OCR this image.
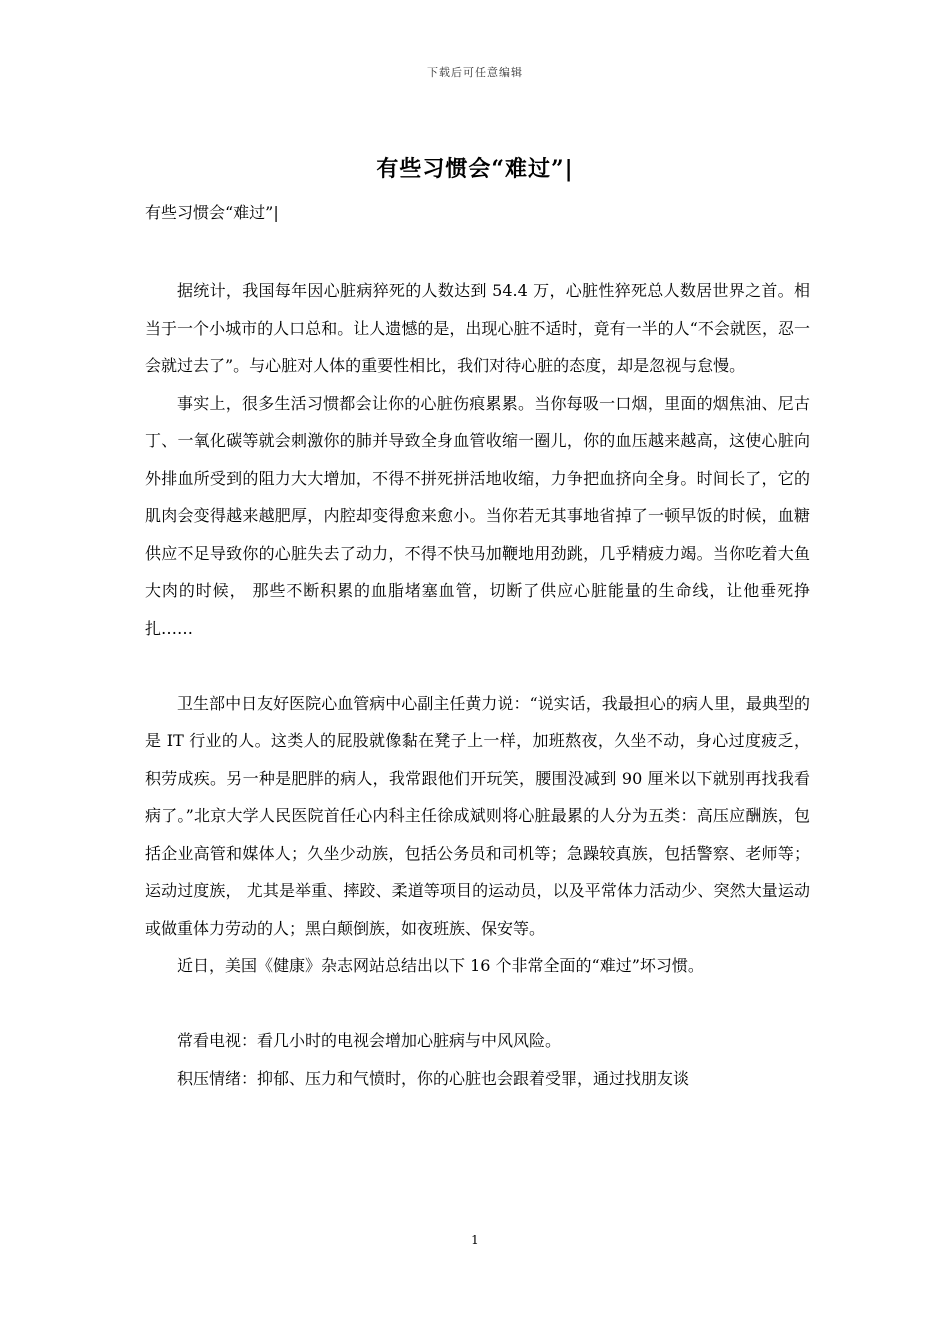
下载后可任意编辑
有些习惯会“难过”|
有些习惯会“难过”|

据统计，我国每年因心脏病猝死的人数达到 54.4 万，心脏性猝死总人数居世界之首。相当于一个小城市的人口总和。让人遗憾的是，出现心脏不适时，竟有一半的人“不会就医，忍一会就过去了”。与心脏对人体的重要性相比，我们对待心脏的态度，却是忽视与怠慢。

事实上，很多生活习惯都会让你的心脏伤痕累累。当你每吸一口烟，里面的烟焦油、尼古丁、一氧化碳等就会刺激你的肺并导致全身血管收缩一圈儿，你的血压越来越高，这使心脏向外排血所受到的阻力大大增加，不得不拼死拼活地收缩，力争把血挤向全身。时间长了，它的肌肉会变得越来越肥厚，内腔却变得愈来愈小。当你若无其事地省掉了一顿早饭的时候，血糖供应不足导致你的心脏失去了动力，不得不快马加鞭地用劲跳，几乎精疲力竭。当你吃着大鱼大肉的时候， 那些不断积累的血脂堵塞血管，切断了供应心脏能量的生命线，让他垂死挣扎……

卫生部中日友好医院心血管病中心副主任黄力说：“说实话，我最担心的病人里，最典型的是 IT 行业的人。这类人的屁股就像黏在凳子上一样，加班熬夜，久坐不动，身心过度疲乏，积劳成疾。另一种是肥胖的病人，我常跟他们开玩笑，腰围没减到 90 厘米以下就别再找我看病了。”北京大学人民医院首任心内科主任徐成斌则将心脏最累的人分为五类：高压应酬族，包括企业高管和媒体人；久坐少动族，包括公务员和司机等；急躁较真族，包括警察、老师等；运动过度族， 尤其是举重、摔跤、柔道等项目的运动员，以及平常体力活动少、突然大量运动或做重体力劳动的人；黑白颠倒族，如夜班族、保安等。

近日，美国《健康》杂志网站总结出以下 16 个非常全面的“难过”坏习惯。

常看电视：看几小时的电视会增加心脏病与中风风险。

积压情绪：抑郁、压力和气愤时，你的心脏也会跟着受罪，通过找朋友谈

1
